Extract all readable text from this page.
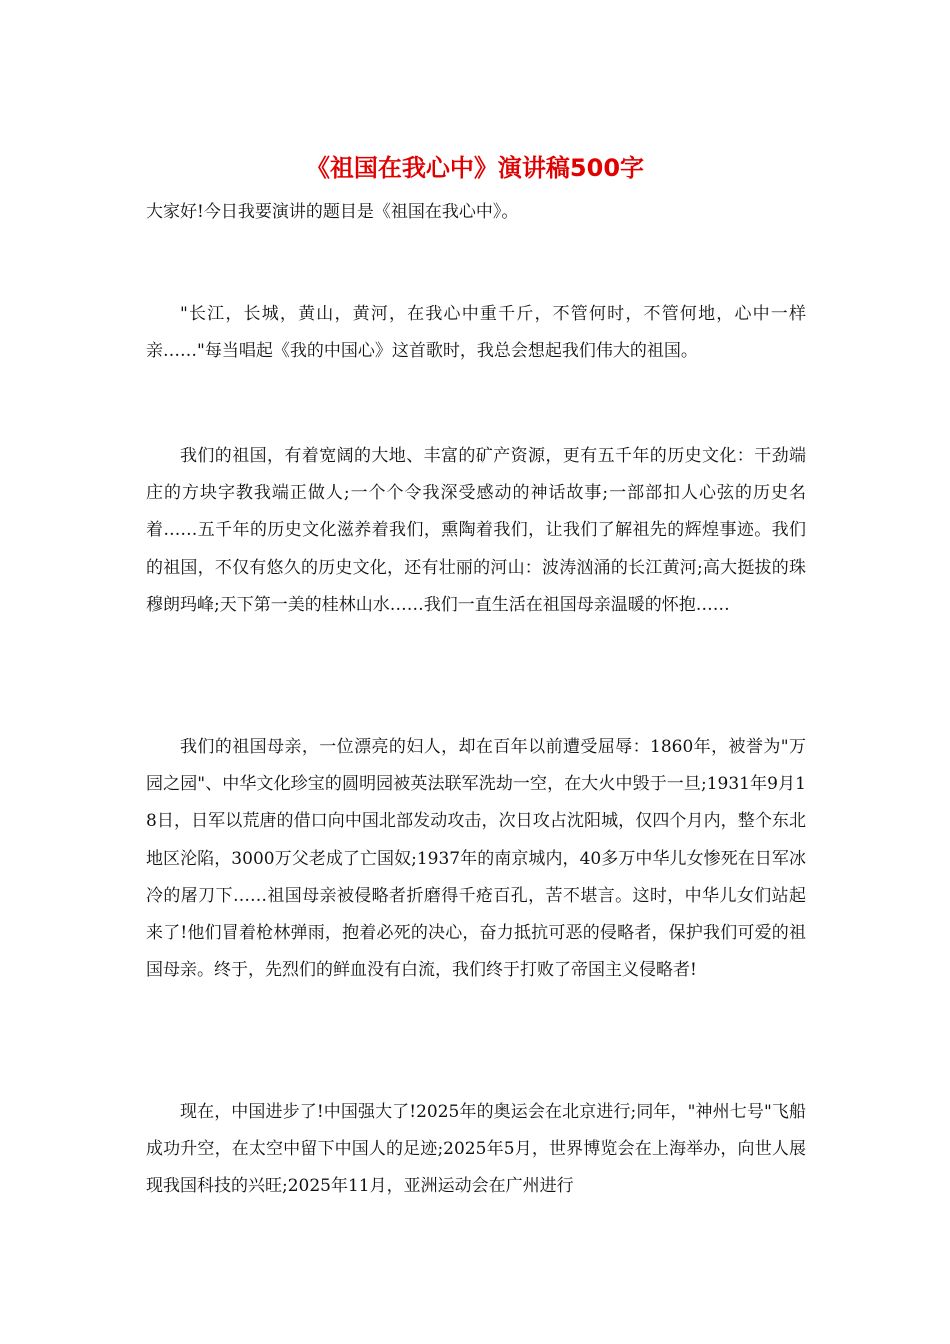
《祖国在我心中》演讲稿500字

大家好!今日我要演讲的题目是《祖国在我心中》。

"长江，长城，黄山，黄河，在我心中重千斤，不管何时，不管何地，心中一样亲……"每当唱起《我的中国心》这首歌时，我总会想起我们伟大的祖国。

我们的祖国，有着宽阔的大地、丰富的矿产资源，更有五千年的历史文化：干劲端庄的方块字教我端正做人;一个个令我深受感动的神话故事;一部部扣人心弦的历史名着……五千年的历史文化滋养着我们，熏陶着我们，让我们了解祖先的辉煌事迹。我们的祖国，不仅有悠久的历史文化，还有壮丽的河山：波涛汹涌的长江黄河;高大挺拔的珠穆朗玛峰;天下第一美的桂林山水……我们一直生活在祖国母亲温暖的怀抱……

我们的祖国母亲，一位漂亮的妇人，却在百年以前遭受屈辱：1860年，被誉为"万园之园"、中华文化珍宝的圆明园被英法联军洗劫一空，在大火中毁于一旦;1931年9月18日，日军以荒唐的借口向中国北部发动攻击，次日攻占沈阳城，仅四个月内，整个东北地区沦陷，3000万父老成了亡国奴;1937年的南京城内，40多万中华儿女惨死在日军冰冷的屠刀下……祖国母亲被侵略者折磨得千疮百孔，苦不堪言。这时，中华儿女们站起来了!他们冒着枪林弹雨，抱着必死的决心，奋力抵抗可恶的侵略者，保护我们可爱的祖国母亲。终于，先烈们的鲜血没有白流，我们终于打败了帝国主义侵略者!

现在，中国进步了!中国强大了!2025年的奥运会在北京进行;同年，"神州七号"飞船成功升空，在太空中留下中国人的足迹;2025年5月，世界博览会在上海举办，向世人展现我国科技的兴旺;2025年11月，亚洲运动会在广州进行
